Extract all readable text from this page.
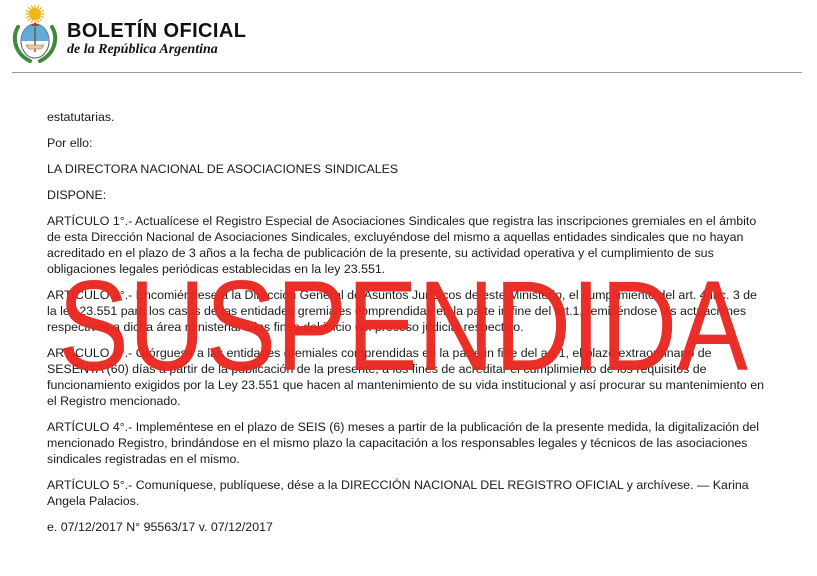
BOLETÍN OFICIAL
de la República Argentina

estatutarias.

Por ello:

LA DIRECTORA NACIONAL DE ASOCIACIONES SINDICALES

DISPONE:

ARTÍCULO 1°.- Actualícese el Registro Especial de Asociaciones Sindicales que registra las inscripciones gremiales en el ámbito de esta Dirección Nacional de Asociaciones Sindicales, excluyéndose del mismo a aquellas entidades sindicales que no hayan acreditado en el plazo de 3 años a la fecha de publicación de la presente, su actividad operativa y el cumplimiento de sus obligaciones legales periódicas establecidas en la ley 23.551.

ARTÍCULO 2°.- Encomiéndese a la Dirección General de Asuntos Jurídicos de este Ministerio, el cumplimiento del art. 4 inc. 3 de la ley 23.551 para los casos de las entidades gremiales comprendidas en la parte in fine del art.1, remitiéndose las actuaciones respectivas a dicha área ministerial a los fines del inicio del proceso judicial respectivo.

ARTÍCULO 3°.- Otórguese a las entidades gremiales comprendidas en la parte in fine del art 1, el plazo extraordinario de SESENTA (60) días a partir de la publicación de la presente, a los fines de acreditar el cumplimiento de los requisitos de funcionamiento exigidos por la Ley 23.551 que hacen al mantenimiento de su vida institucional y así procurar su mantenimiento en el Registro mencionado.

ARTÍCULO 4°.- Impleméntese en el plazo de SEIS (6) meses a partir de la publicación de la presente medida, la digitalización del mencionado Registro, brindándose en el mismo plazo la capacitación a los responsables legales y técnicos de las asociaciones sindicales registradas en el mismo.

ARTÍCULO 5°.- Comuníquese, publíquese, dése a la DIRECCIÓN NACIONAL DEL REGISTRO OFICIAL y archívese. — Karina Angela Palacios.

e. 07/12/2017 N° 95563/17 v. 07/12/2017

SUSPENDIDA
